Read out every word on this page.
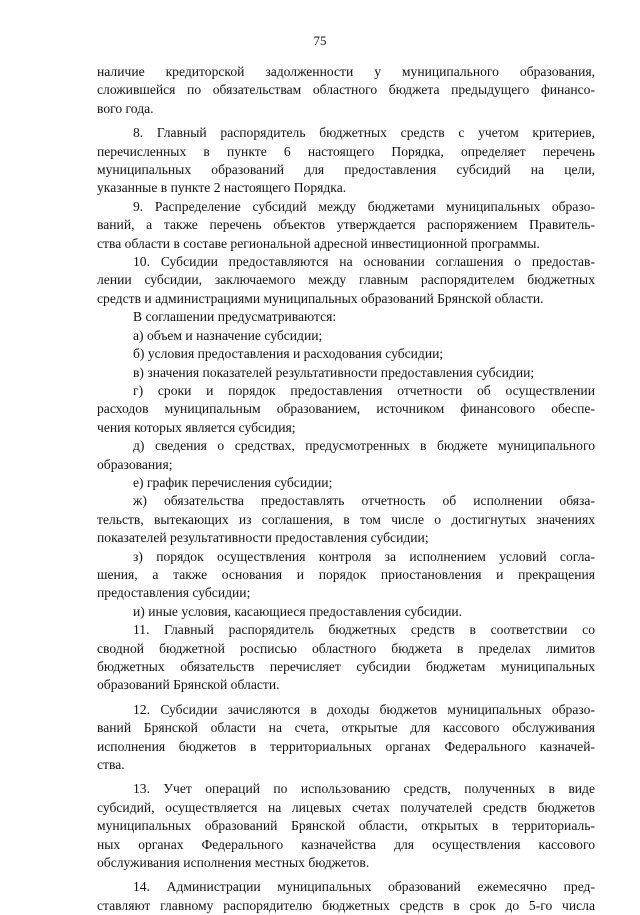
75

наличие кредиторской задолженности у муниципального образования,
сложившейся по обязательствам областного бюджета предыдущего финансо-
вого года.

8. Главный распорядитель бюджетных средств с учетом критериев,
перечисленных в пункте 6 настоящего Порядка, определяет перечень
муниципальных образований для предоставления субсидий на цели,
указанные в пункте 2 настоящего Порядка.

9. Распределение субсидий между бюджетами муниципальных образо-
ваний, а также перечень объектов утверждается распоряжением Правитель-
ства области в составе региональной адресной инвестиционной программы.

10. Субсидии предоставляются на основании соглашения о предостав-
лении субсидии, заключаемого между главным распорядителем бюджетных
средств и администрациями муниципальных образований Брянской области.

В соглашении предусматриваются:

а) объем и назначение субсидии;

б) условия предоставления и расходования субсидии;

в) значения показателей результативности предоставления субсидии;

г) сроки и порядок предоставления отчетности об осуществлении
расходов муниципальным образованием, источником финансового обеспе-
чения которых является субсидия;

д) сведения о средствах, предусмотренных в бюджете муниципального
образования;

е) график перечисления субсидии;

ж) обязательства предоставлять отчетность об исполнении обяза-
тельств, вытекающих из соглашения, в том числе о достигнутых значениях
показателей результативности предоставления субсидии;

з) порядок осуществления контроля за исполнением условий согла-
шения, а также основания и порядок приостановления и прекращения
предоставления субсидии;

и) иные условия, касающиеся предоставления субсидии.

11. Главный распорядитель бюджетных средств в соответствии со
сводной бюджетной росписью областного бюджета в пределах лимитов
бюджетных обязательств перечисляет субсидии бюджетам муниципальных
образований Брянской области.

12. Субсидии зачисляются в доходы бюджетов муниципальных образо-
ваний Брянской области на счета, открытые для кассового обслуживания
исполнения бюджетов в территориальных органах Федерального казначей-
ства.

13. Учет операций по использованию средств, полученных в виде
субсидий, осуществляется на лицевых счетах получателей средств бюджетов
муниципальных образований Брянской области, открытых в территориаль-
ных органах Федерального казначейства для осуществления кассового
обслуживания исполнения местных бюджетов.

14. Администрации муниципальных образований ежемесячно пред-
ставляют главному распорядителю бюджетных средств в срок до 5-го числа
